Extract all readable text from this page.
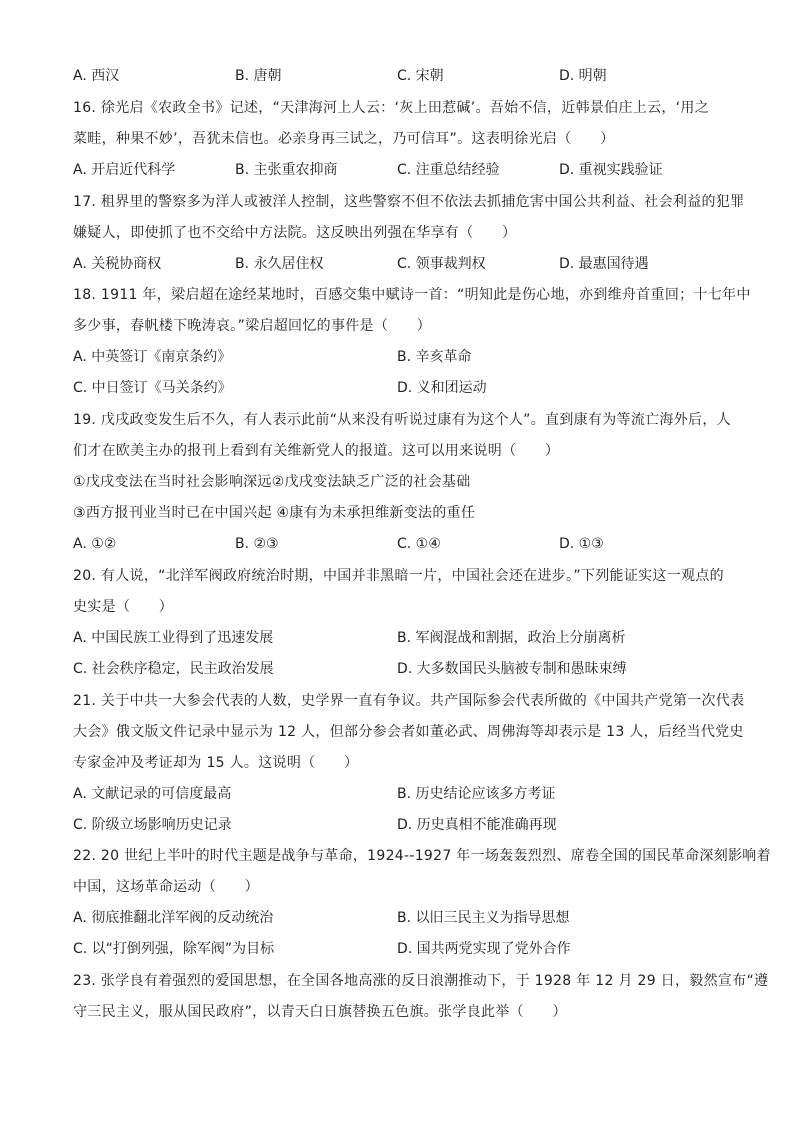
A. 西汉	B. 唐朝	C. 宋朝	D. 明朝
16. 徐光启《农政全书》记述，“天津海河上人云：‘灰上田惹碱’。吾始不信，近韩景伯庄上云，‘用之
菜畦，种果不妙’，吾犹未信也。必亲身再三试之，乃可信耳”。这表明徐光启（　　）
A. 开启近代科学	B. 主张重农抑商	C. 注重总结经验	D. 重视实践验证
17. 租界里的警察多为洋人或被洋人控制，这些警察不但不依法去抓捕危害中国公共利益、社会利益的犯罪
嫌疑人，即使抓了也不交给中方法院。这反映出列强在华享有（　　）
A. 关税协商权	B. 永久居住权	C. 领事裁判权	D. 最惠国待遇
18. 1911 年，梁启超在途经某地时，百感交集中赋诗一首：“明知此是伤心地，亦到维舟首重回；十七年中
多少事，春帆楼下晚涛哀。”梁启超回忆的事件是（　　）
A. 中英签订《南京条约》	B. 辛亥革命
C. 中日签订《马关条约》	D. 义和团运动
19. 戊戌政变发生后不久，有人表示此前“从来没有听说过康有为这个人”。直到康有为等流亡海外后，人
们才在欧美主办的报刊上看到有关维新党人的报道。这可以用来说明（　　）
①戊戌变法在当时社会影响深远②戊戌变法缺乏广泛的社会基础
③西方报刊业当时已在中国兴起 ④康有为未承担维新变法的重任
A. ①②	B. ②③	C. ①④	D. ①③
20. 有人说，“北洋军阀政府统治时期，中国并非黑暗一片，中国社会还在进步。”下列能证实这一观点的
史实是（　　）
A. 中国民族工业得到了迅速发展	B. 军阀混战和割据，政治上分崩离析
C. 社会秩序稳定，民主政治发展	D. 大多数国民头脑被专制和愚昧束缚
21. 关于中共一大参会代表的人数，史学界一直有争议。共产国际参会代表所做的《中国共产党第一次代表
大会》俄文版文件记录中显示为 12 人，但部分参会者如董必武、周佛海等却表示是 13 人，后经当代党史
专家金冲及考证却为 15 人。这说明（　　）
A. 文献记录的可信度最高	B. 历史结论应该多方考证
C. 阶级立场影响历史记录	D. 历史真相不能准确再现
22. 20 世纪上半叶的时代主题是战争与革命，1924--1927 年一场轰轰烈烈、席卷全国的国民革命深刻影响着
中国，这场革命运动（　　）
A. 彻底推翻北洋军阀的反动统治	B. 以旧三民主义为指导思想
C. 以“打倒列强，除军阀”为目标	D. 国共两党实现了党外合作
23. 张学良有着强烈的爱国思想，在全国各地高涨的反日浪潮推动下，于 1928 年 12 月 29 日，毅然宣布“遵
守三民主义，服从国民政府”，以青天白日旗替换五色旗。张学良此举（　　）
